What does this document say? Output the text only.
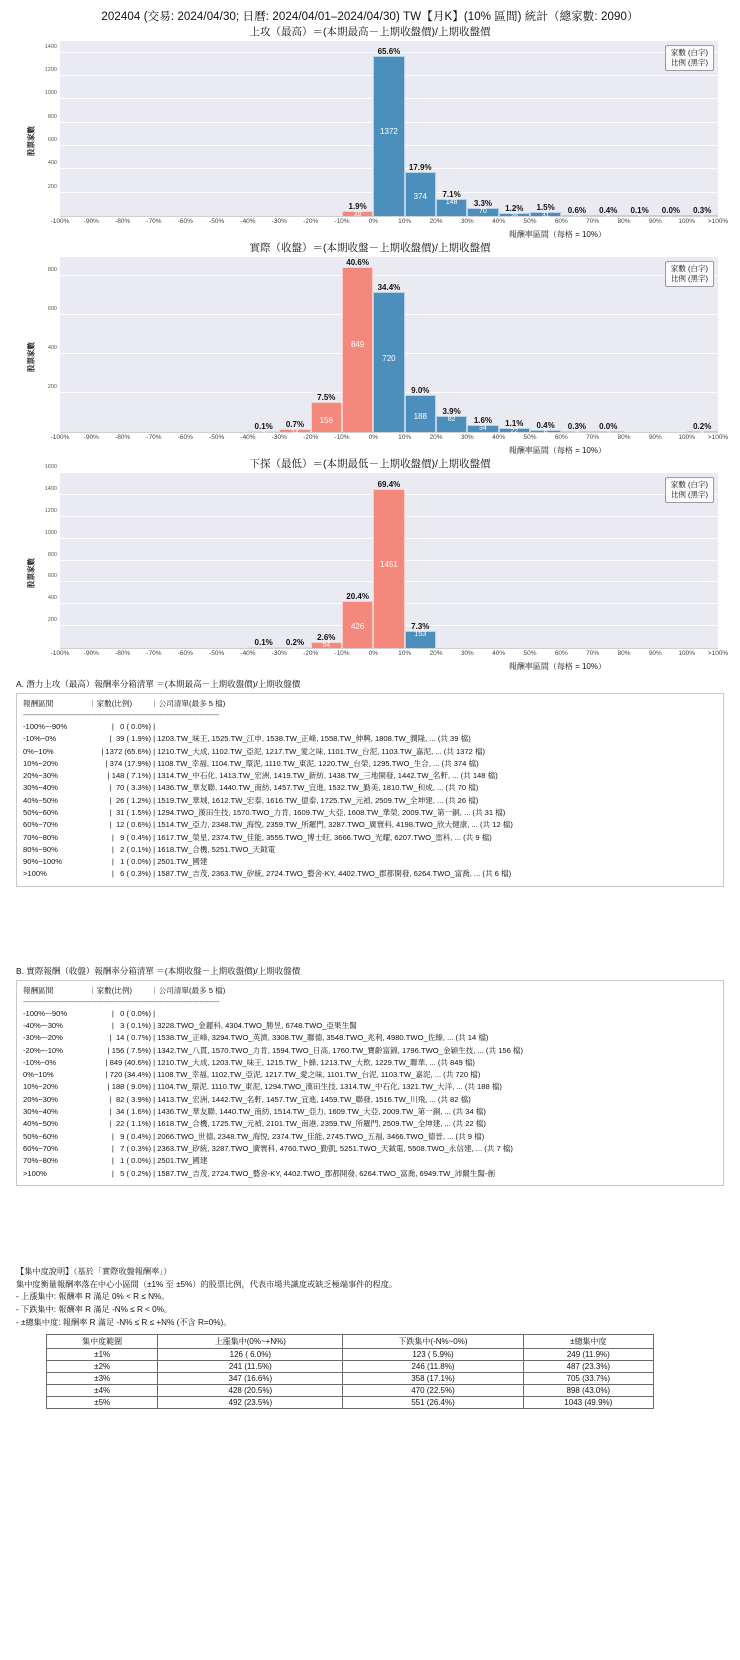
202404 (交易: 2024/04/30; 日曆: 2024/04/01–2024/04/30) TW【月K】(10% 區間) 統計（總家數: 2090）
上攻（最高）＝(本期最高－上期收盤價)/上期收盤價
股票家數
家數 (白字)
比例 (黑字)
200
400
600
800
1000
1200
1400
39
1.9%
1372
65.6%
374
17.9%
148
7.1%
70
3.3%
26
1.2%
31
1.5%
12
0.6%
9
0.4%
2
0.1%
1
0.0%
6
0.3%
-100% -90% -80% -70% -60% -50% -40% -30% -20% -10%	0%	10%	20%	30%	40%	50%	60%	70%	80%	90%	100% >100%
報酬率區間（每格 = 10%）
實際（收盤）＝(本期收盤－上期收盤價)/上期收盤價
股票家數
家數 (白字)
比例 (黑字)
200
400
600
800
3
0.1%
14
0.7%
156
7.5%
849
40.6%
720
34.4%
188
9.0%
82
3.9%
34
1.6%
22
1.1%
9
0.4%
7
0.3%
1
0.0%
5
0.2%
-100% -90% -80% -70% -60% -50% -40% -30% -20% -10%	0%	10%	20%	30%	40%	50%	60%	70%	80%	90%	100% >100%
報酬率區間（每格 = 10%）
下探（最低）＝(本期最低－上期收盤價)/上期收盤價
股票家數
家數 (白字)
比例 (黑字)
200
400
600
800
1000
1200
1400
1600
2
0.1%
5
0.2%	54
2.6%
426
20.4%
1451
69.4%
153
7.3%
-100% -90% -80% -70% -60% -50% -40% -30% -20% -10%	0%	10%	20%	30%	40%	50%	60%	70%	80%	90%	100% >100%
報酬率區間（每格 = 10%）
A. 潛力上攻（最高）報酬率分箱清單 ＝(本期最高－上期收盤價)/上期收盤價
報酬區間	｜家數(比例) ｜公司清單(最多 5 檔)
----------------------------------------------------------------------------------------
-100%~-90%	|   0 ( 0.0%) |
-10%~0%	|  39 ( 1.9%) | 1203.TW_味王, 1525.TW_江申, 1538.TW_正峰, 1558.TW_伸興, 1808.TW_潤隆, ... (共 39 檔)
0%~10%	| 1372 (65.6%) | 1210.TW_大成, 1102.TW_亞泥, 1217.TW_愛之味, 1101.TW_台泥, 1103.TW_嘉泥, ... (共 1372 檔)
10%~20%	| 374 (17.9%) | 1108.TW_幸福, 1104.TW_環泥, 1110.TW_東泥, 1220.TW_台榮, 1295.TWO_生合, ... (共 374 檔)
20%~30%	| 148 ( 7.1%) | 1314.TW_中石化, 1413.TW_宏洲, 1419.TW_新紡, 1438.TW_三地開發, 1442.TW_名軒, ... (共 148 檔)
30%~40%	|  70 ( 3.3%) | 1436.TW_華友聯, 1440.TW_南紡, 1457.TW_宜進, 1532.TW_勤美, 1810.TW_和成, ... (共 70 檔)
40%~50%	|  26 ( 1.2%) | 1519.TW_華城, 1612.TW_宏泰, 1616.TW_億泰, 1725.TW_元禎, 2509.TW_全坤建, ... (共 26 檔)
50%~60%	|  31 ( 1.5%) | 1294.TWO_漢田生技, 1570.TWO_力肯, 1609.TW_大亞, 1608.TW_華榮, 2009.TW_第一銅, ... (共 31 檔)
60%~70%	|  12 ( 0.6%) | 1514.TW_亞力, 2348.TW_海悅, 2359.TW_所羅門, 3287.TWO_廣寰科, 4198.TWO_欣大健康, ... (共 12 檔)
70%~80%	|   9 ( 0.4%) | 1617.TW_榮星, 2374.TW_佳能, 3555.TWO_博士旺, 3666.TWO_光耀, 6207.TWO_雷科, ... (共 9 檔)
80%~90%	|   2 ( 0.1%) | 1618.TW_合機, 5251.TWO_天鉞電
90%~100%	|   1 ( 0.0%) | 2501.TW_國建
>100%	|   6 ( 0.3%) | 1587.TW_吉茂, 2363.TW_矽統, 2724.TWO_藝舍-KY, 4402.TWO_郡都開發, 6264.TWO_富喬, ... (共 6 檔)
B. 實際報酬（收盤）報酬率分箱清單 ＝(本期收盤－上期收盤價)/上期收盤價
報酬區間	｜家數(比例) ｜公司清單(最多 5 檔)
----------------------------------------------------------------------------------------
-100%~-90%	|   0 ( 0.0%) |
-40%~-30%	|   3 ( 0.1%) | 3228.TWO_金麗科, 4304.TWO_勝昱, 6748.TWO_亞果生醫
-30%~-20%	|  14 ( 0.7%) | 1538.TW_正峰, 3294.TWO_英濟, 3308.TW_聯德, 3548.TWO_兆利, 4980.TWO_佐臻, ... (共 14 檔)
-20%~-10%	| 156 ( 7.5%) | 1342.TW_八貫, 1570.TWO_力肯, 1594.TWO_日高, 1760.TW_寶齡富錦, 1796.TWO_金穎生技, ... (共 156 檔)
-10%~0%	| 849 (40.6%) | 1210.TW_大成, 1203.TW_味王, 1215.TW_卜蜂, 1213.TW_大飲, 1229.TW_聯華, ... (共 849 檔)
0%~10%	| 720 (34.4%) | 1108.TW_幸福, 1102.TW_亞泥, 1217.TW_愛之味, 1101.TW_台泥, 1103.TW_嘉泥, ... (共 720 檔)
10%~20%	| 188 ( 9.0%) | 1104.TW_環泥, 1110.TW_東泥, 1294.TWO_漢田生技, 1314.TW_中石化, 1321.TW_大洋, ... (共 188 檔)
20%~30%	|  82 ( 3.9%) | 1413.TW_宏洲, 1442.TW_名軒, 1457.TW_宜進, 1459.TW_聯發, 1516.TW_川飛, ... (共 82 檔)
30%~40%	|  34 ( 1.6%) | 1436.TW_華友聯, 1440.TW_南紡, 1514.TW_亞力, 1609.TW_大亞, 2009.TW_第一銅, ... (共 34 檔)
40%~50%	|  22 ( 1.1%) | 1618.TW_合機, 1725.TW_元禎, 2101.TW_南港, 2359.TW_所羅門, 2509.TW_全坤建, ... (共 22 檔)
50%~60%	|   9 ( 0.4%) | 2066.TWO_世德, 2348.TW_海悅, 2374.TW_佳能, 2745.TWO_五福, 3466.TWO_德晉, ... (共 9 檔)
60%~70%	|   7 ( 0.3%) | 2363.TW_矽統, 3287.TWO_廣寰科, 4760.TWO_勤凱, 5251.TWO_天鉞電, 5508.TWO_永信建, ... (共 7 檔)
70%~80%	|   1 ( 0.0%) | 2501.TW_國建
>100%	|   5 ( 0.2%) | 1587.TW_吉茂, 2724.TWO_藝舍-KY, 4402.TWO_郡都開發, 6264.TWO_富喬, 6949.TW_沛爾生醫-創

【集中度說明】（基於「實際收盤報酬率」）

集中度衡量報酬率落在中心小區間（±1% 至 ±5%）的股票比例，代表市場共識度或缺乏極端事件的程度。

- 上漲集中: 報酬率 R 滿足 0% < R ≤ N%。

- 下跌集中: 報酬率 R 滿足 -N% ≤ R < 0%。

- ±總集中度: 報酬率 R 滿足 -N% ≤ R ≤ +N% (不含 R=0%)。

集中度範圍	上漲集中(0%~+N%)	下跌集中(-N%~0%)	±總集中度
±1%	126 ( 6.0%)	123 ( 5.9%)	249 (11.9%)
±2%	241 (11.5%)	246 (11.8%)	487 (23.3%)
±3%	347 (16.6%)	358 (17.1%)	705 (33.7%)
±4%	428 (20.5%)	470 (22.5%)	898 (43.0%)
±5%	492 (23.5%)	551 (26.4%)	1043 (49.9%)
